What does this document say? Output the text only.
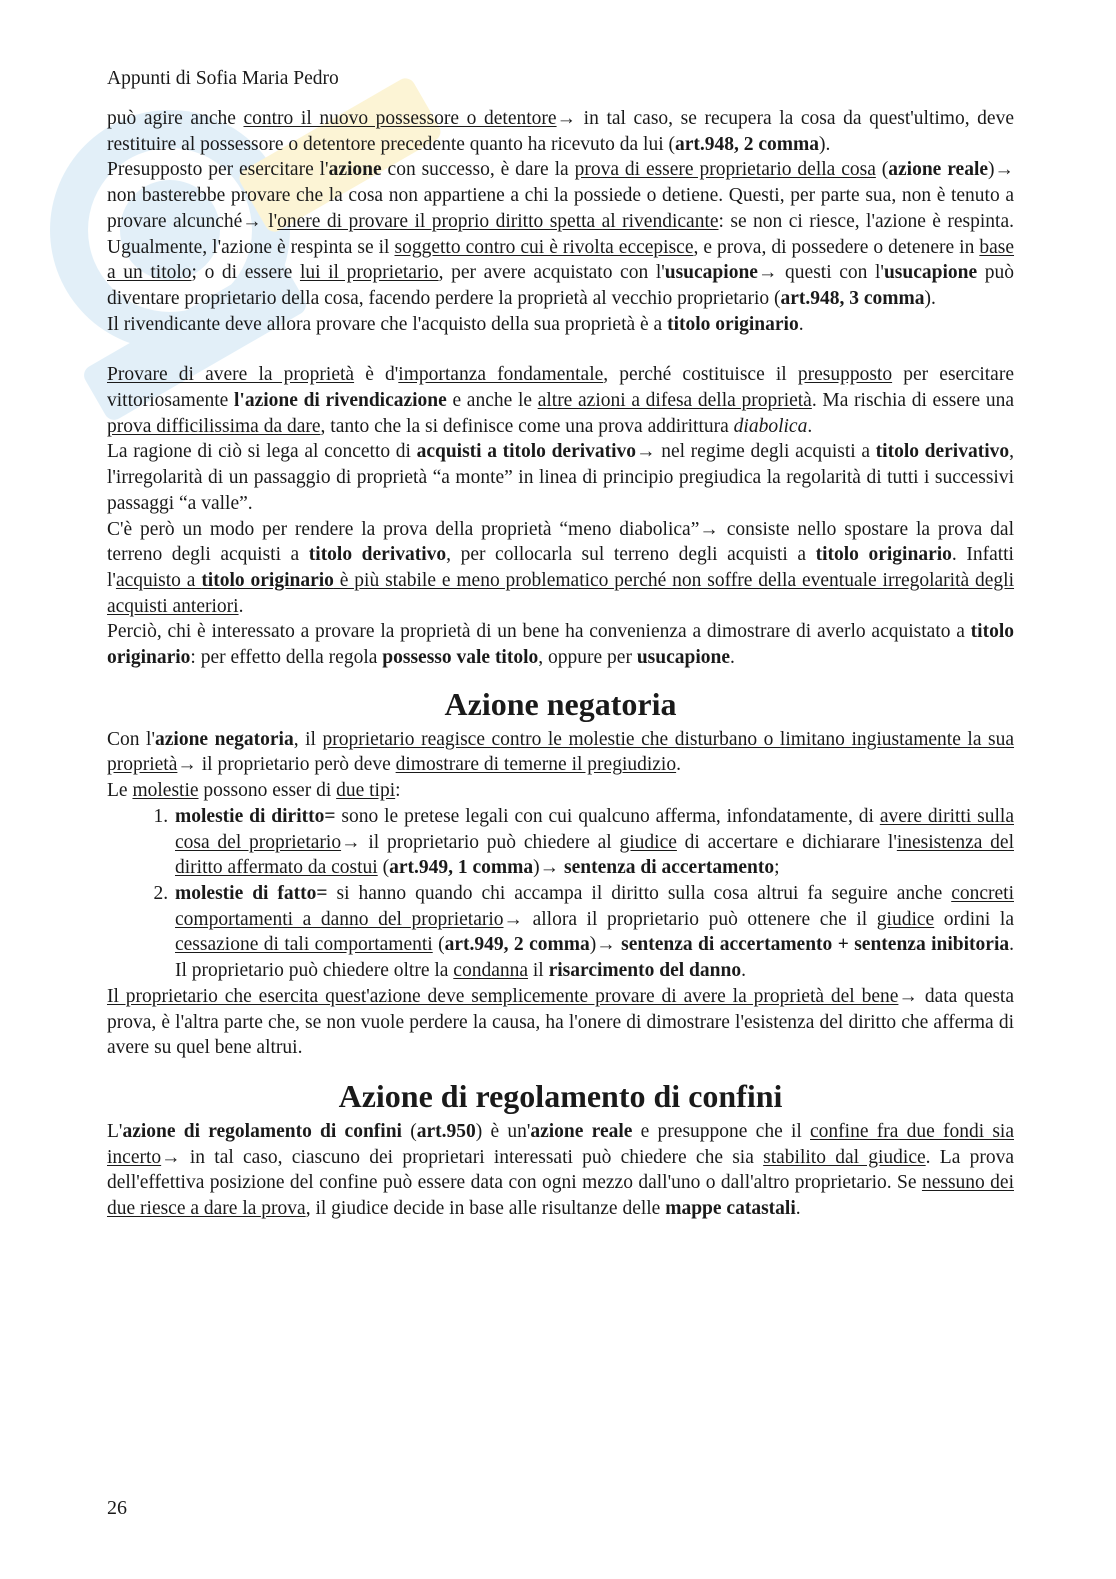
Appunti di Sofia Maria Pedro

può agire anche contro il nuovo possessore o detentore→ in tal caso, se recupera la cosa da quest'ultimo, deve restituire al possessore o detentore precedente quanto ha ricevuto da lui (art.948, 2 comma).

Presupposto per esercitare l'azione con successo, è dare la prova di essere proprietario della cosa (azione reale)→ non basterebbe provare che la cosa non appartiene a chi la possiede o detiene. Questi, per parte sua, non è tenuto a provare alcunché→ l'onere di provare il proprio diritto spetta al rivendicante: se non ci riesce, l'azione è respinta. Ugualmente, l'azione è respinta se il soggetto contro cui è rivolta eccepisce, e prova, di possedere o detenere in base a un titolo; o di essere lui il proprietario, per avere acquistato con l'usucapione→ questi con l'usucapione può diventare proprietario della cosa, facendo perdere la proprietà al vecchio proprietario (art.948, 3 comma).

Il rivendicante deve allora provare che l'acquisto della sua proprietà è a titolo originario.

Provare di avere la proprietà è d'importanza fondamentale, perché costituisce il presupposto per esercitare vittoriosamente l'azione di rivendicazione e anche le altre azioni a difesa della proprietà. Ma rischia di essere una prova difficilissima da dare, tanto che la si definisce come una prova addirittura diabolica.

La ragione di ciò si lega al concetto di acquisti a titolo derivativo→ nel regime degli acquisti a titolo derivativo, l'irregolarità di un passaggio di proprietà “a monte” in linea di principio pregiudica la regolarità di tutti i successivi passaggi “a valle”.

C'è però un modo per rendere la prova della proprietà “meno diabolica”→ consiste nello spostare la prova dal terreno degli acquisti a titolo derivativo, per collocarla sul terreno degli acquisti a titolo originario. Infatti l'acquisto a titolo originario è più stabile e meno problematico perché non soffre della eventuale irregolarità degli acquisti anteriori.

Perciò, chi è interessato a provare la proprietà di un bene ha convenienza a dimostrare di averlo acquistato a titolo originario: per effetto della regola possesso vale titolo, oppure per usucapione.

Azione negatoria

Con l'azione negatoria, il proprietario reagisce contro le molestie che disturbano o limitano ingiustamente la sua proprietà→ il proprietario però deve dimostrare di temerne il pregiudizio.

Le molestie possono esser di due tipi:

1. molestie di diritto= sono le pretese legali con cui qualcuno afferma, infondatamente, di avere diritti sulla cosa del proprietario→ il proprietario può chiedere al giudice di accertare e dichiarare l'inesistenza del diritto affermato da costui (art.949, 1 comma)→ sentenza di accertamento;
2. molestie di fatto= si hanno quando chi accampa il diritto sulla cosa altrui fa seguire anche concreti comportamenti a danno del proprietario→ allora il proprietario può ottenere che il giudice ordini la cessazione di tali comportamenti (art.949, 2 comma)→ sentenza di accertamento + sentenza inibitoria. Il proprietario può chiedere oltre la condanna il risarcimento del danno.

Il proprietario che esercita quest'azione deve semplicemente provare di avere la proprietà del bene→ data questa prova, è l'altra parte che, se non vuole perdere la causa, ha l'onere di dimostrare l'esistenza del diritto che afferma di avere su quel bene altrui.

Azione di regolamento di confini

L'azione di regolamento di confini (art.950) è un'azione reale e presuppone che il confine fra due fondi sia incerto→ in tal caso, ciascuno dei proprietari interessati può chiedere che sia stabilito dal giudice. La prova dell'effettiva posizione del confine può essere data con ogni mezzo dall'uno o dall'altro proprietario. Se nessuno dei due riesce a dare la prova, il giudice decide in base alle risultanze delle mappe catastali.

26
